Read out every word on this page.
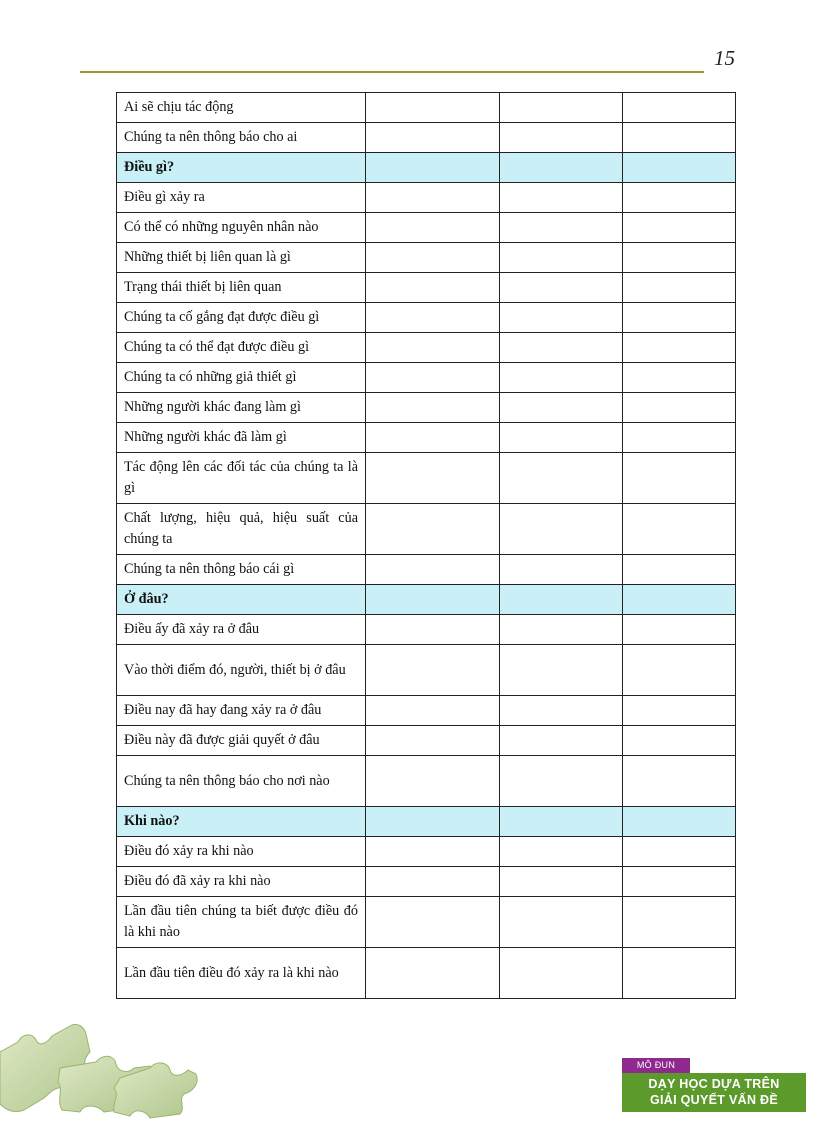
15
Ai sẽ chịu tác động			
Chúng ta nên thông báo cho ai			
Điều gì?			
Điều gì xảy ra			
Có thể có những nguyên nhân nào			
Những thiết bị liên quan là gì			
Trạng thái thiết bị liên quan			
Chúng ta cố gắng đạt được điều gì			
Chúng ta có thể đạt được điều gì			
Chúng ta có những giả thiết gì			
Những người khác đang làm gì			
Những người khác đã làm gì			
Tác động lên các đối tác của chúng ta là gì			
Chất lượng, hiệu quả, hiệu suất của chúng ta			
Chúng ta nên thông báo cái gì			
Ở đâu?			
Điều ấy đã xảy ra ở đâu			
Vào thời điểm đó, người, thiết bị ở đâu			
Điều nay đã hay đang xảy ra ở đâu			
Điều này đã được giải quyết ở đâu			
Chúng ta nên thông báo cho nơi nào			
Khi nào?			
Điều đó xảy ra khi nào			
Điều đó đã xảy ra khi nào			
Lần đầu tiên chúng ta biết được điều đó là khi nào			
Lần đầu tiên điều đó xảy ra là khi nào			
MÔ ĐUN
DẠY HỌC DỰA TRÊN
GIẢI QUYẾT VẤN ĐỀ
